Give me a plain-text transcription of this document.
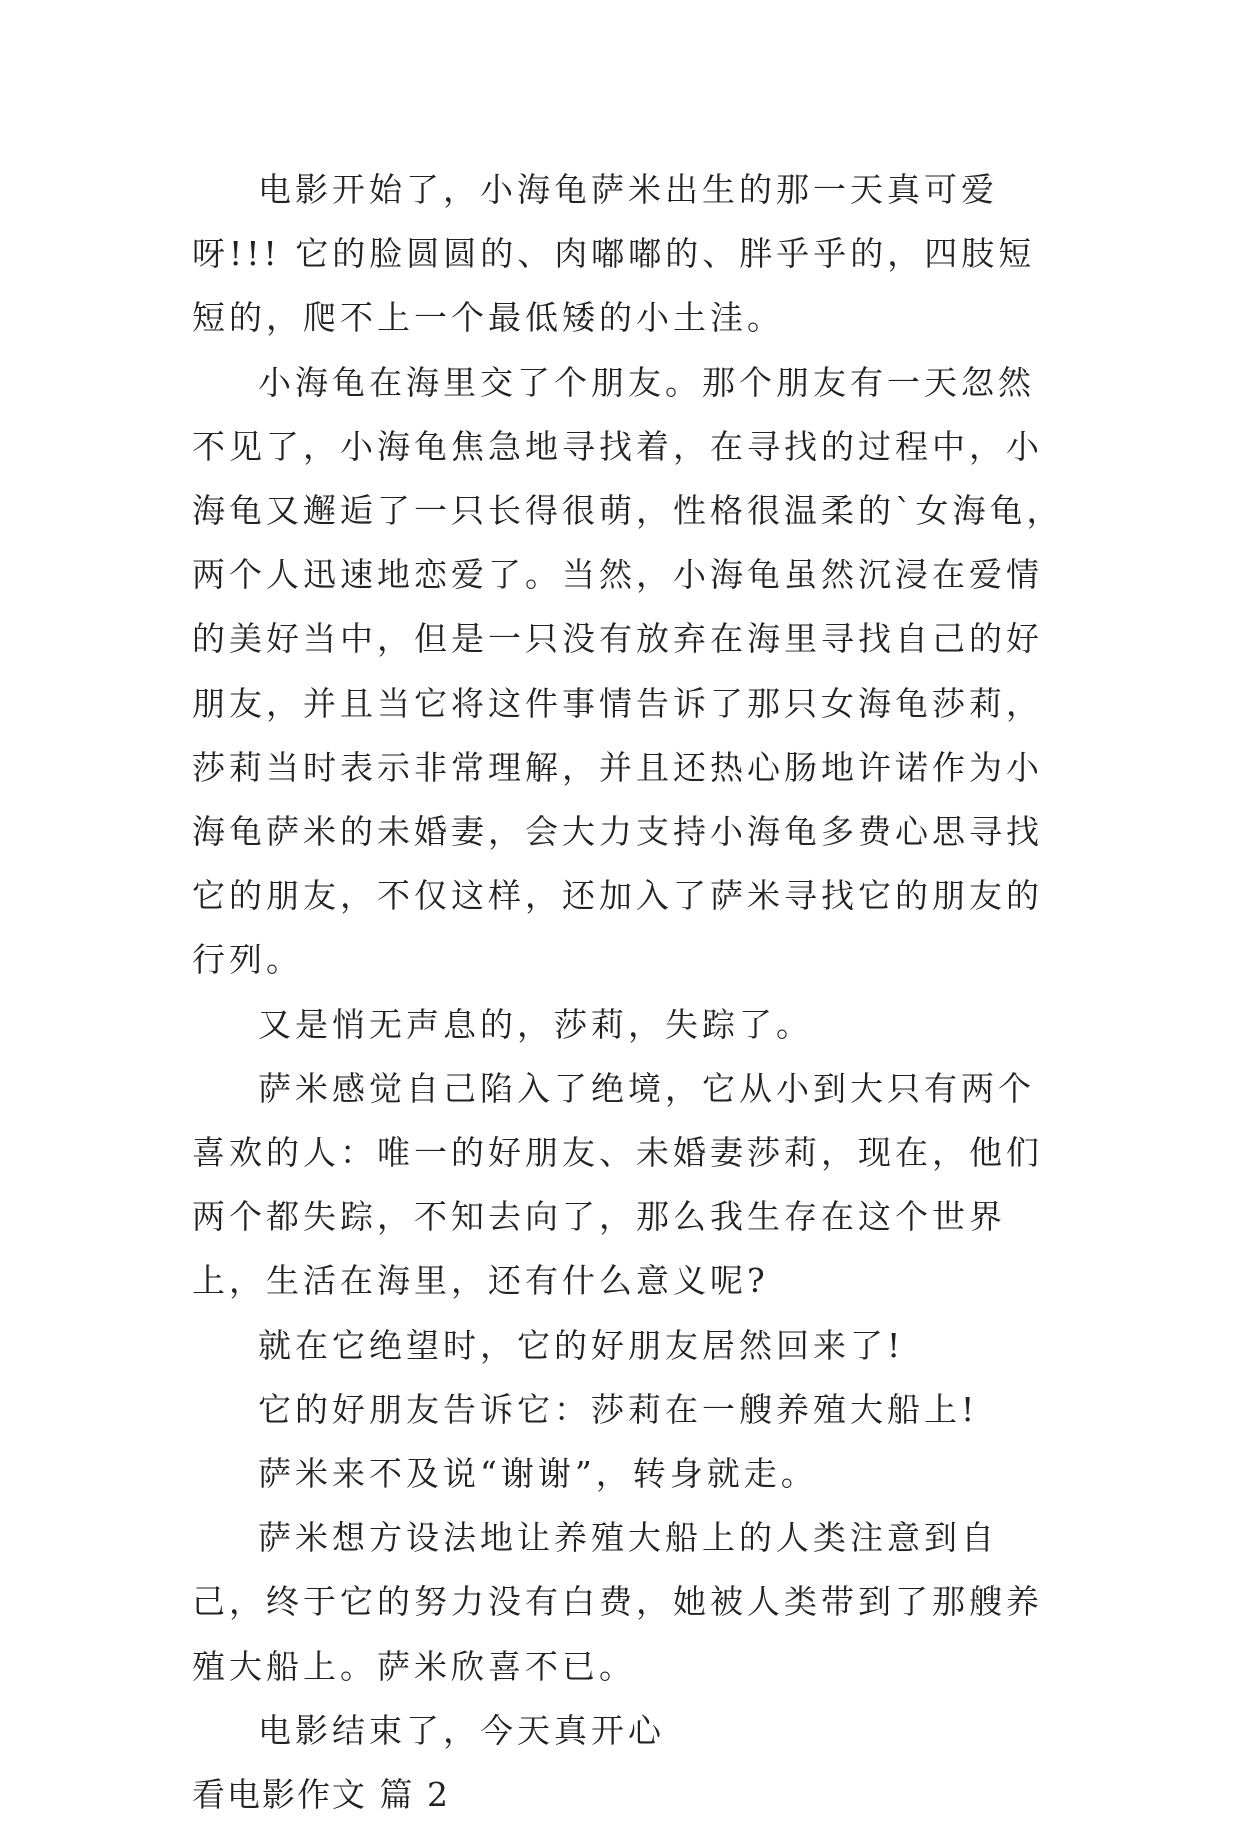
电影开始了，小海龟萨米出生的那一天真可爱呀!!! 它的脸圆圆的、肉嘟嘟的、胖乎乎的，四肢短短的，爬不上一个最低矮的小土洼。

小海龟在海里交了个朋友。那个朋友有一天忽然不见了，小海龟焦急地寻找着，在寻找的过程中，小海龟又邂逅了一只长得很萌，性格很温柔的`女海龟，两个人迅速地恋爱了。当然，小海龟虽然沉浸在爱情的美好当中，但是一只没有放弃在海里寻找自己的好朋友，并且当它将这件事情告诉了那只女海龟莎莉，莎莉当时表示非常理解，并且还热心肠地许诺作为小海龟萨米的未婚妻，会大力支持小海龟多费心思寻找它的朋友，不仅这样，还加入了萨米寻找它的朋友的行列。

又是悄无声息的，莎莉，失踪了。

萨米感觉自己陷入了绝境，它从小到大只有两个喜欢的人：唯一的好朋友、未婚妻莎莉，现在，他们两个都失踪，不知去向了，那么我生存在这个世界上，生活在海里，还有什么意义呢?

就在它绝望时，它的好朋友居然回来了!

它的好朋友告诉它：莎莉在一艘养殖大船上!

萨米来不及说“谢谢”，转身就走。

萨米想方设法地让养殖大船上的人类注意到自己，终于它的努力没有白费，她被人类带到了那艘养殖大船上。萨米欣喜不已。

电影结束了，今天真开心

看电影作文 篇 2
